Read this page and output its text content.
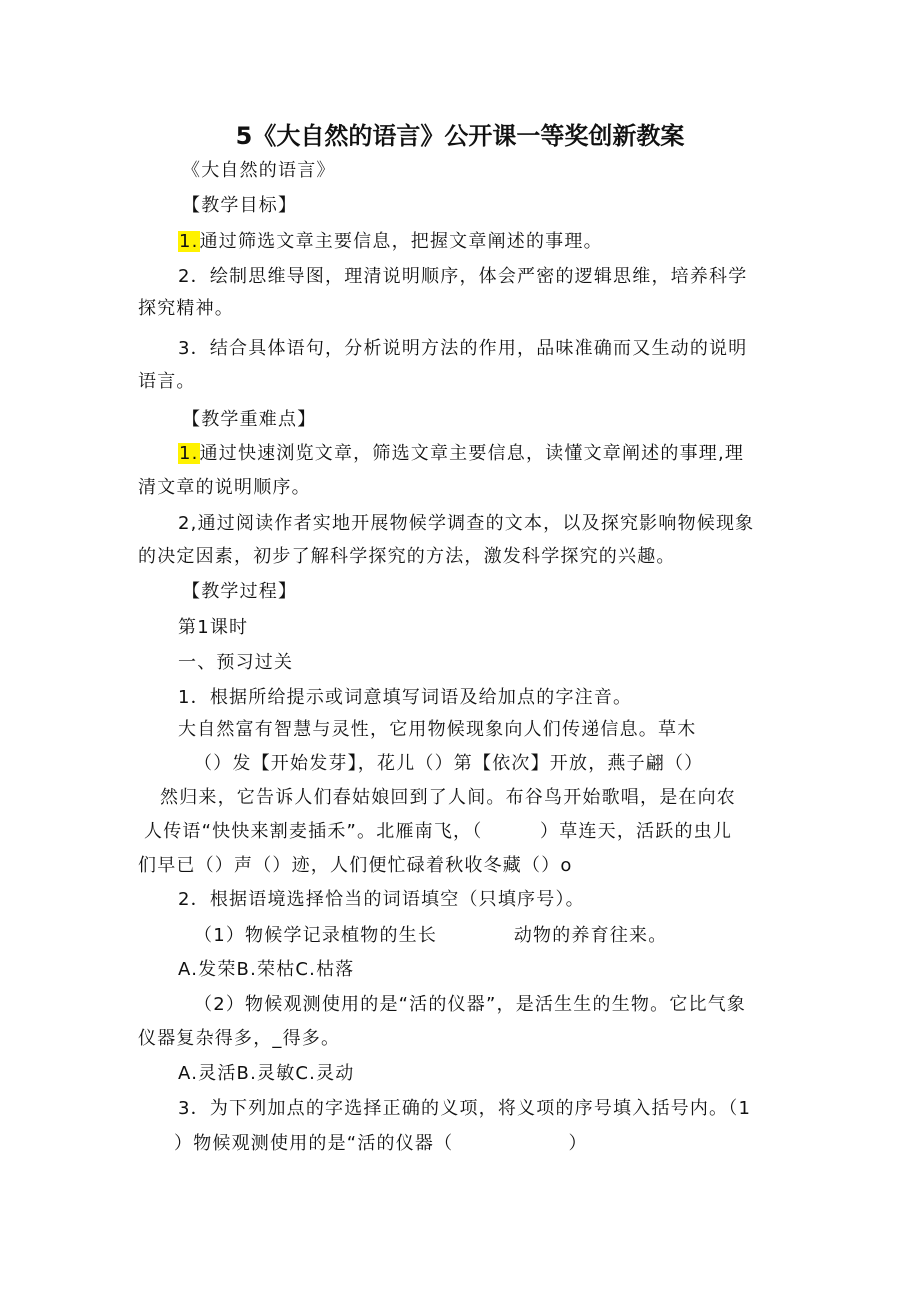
5《大自然的语言》公开课一等奖创新教案
《大自然的语言》
【教学目标】
1.通过筛选文章主要信息，把握文章阐述的事理。
2．绘制思维导图，理清说明顺序，体会严密的逻辑思维，培养科学
探究精神。
3．结合具体语句，分析说明方法的作用，品味准确而又生动的说明
语言。
【教学重难点】
1.通过快速浏览文章，筛选文章主要信息，读懂文章阐述的事理,理
清文章的说明顺序。
2,通过阅读作者实地开展物候学调查的文本，以及探究影响物候现象
的决定因素，初步了解科学探究的方法，激发科学探究的兴趣。
【教学过程】
第1课时
一、预习过关
1．根据所给提示或词意填写词语及给加点的字注音。
大自然富有智慧与灵性，它用物候现象向人们传递信息。草木
（）发【开始发芽】，花儿（）第【依次】开放，燕子翩（）
然归来，它告诉人们春姑娘回到了人间。布谷鸟开始歌唱，是在向农
人传语“快快来割麦插禾”。北雁南飞，（　　　）草连天，活跃的虫儿
们早已（）声（）迹，人们便忙碌着秋收冬藏（）o
2．根据语境选择恰当的词语填空（只填序号）。
（1）物候学记录植物的生长　　　　动物的养育往来。
A.发荣B.荣枯C.枯落
（2）物候观测使用的是“活的仪器”，是活生生的生物。它比气象
仪器复杂得多，_得多。
A.灵活B.灵敏C.灵动
3．为下列加点的字选择正确的义项，将义项的序号填入括号内。（1
）物候观测使用的是“活的仪器（　　　　　　）
